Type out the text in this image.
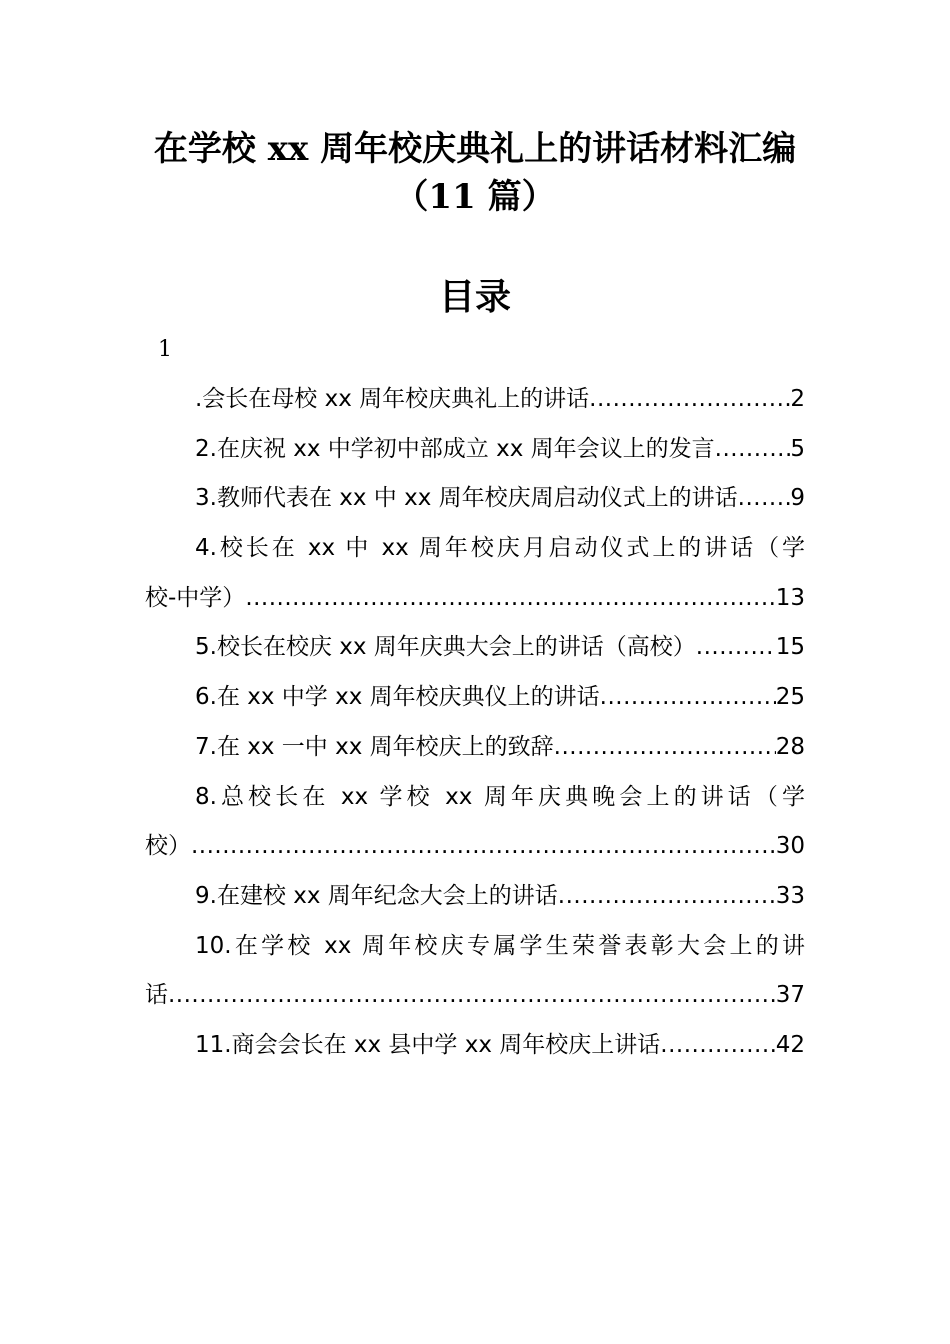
在学校 xx 周年校庆典礼上的讲话材料汇编
（11 篇）
目录
1
.会长在母校 xx 周年校庆典礼上的讲话 .....	2
2.在庆祝 xx 中学初中部成立 xx 周年会议上的发言 .....	5
3.教师代表在 xx 中 xx 周年校庆周启动仪式上的讲话 ..... 9
4.校长在 xx 中 xx 周年校庆月启动仪式上的讲话（学
校-中学） .....	13
5.校长在校庆 xx 周年庆典大会上的讲话（高校） .....	15
6.在 xx 中学 xx 周年校庆典仪上的讲话 .....	25
7.在 xx 一中 xx 周年校庆上的致辞 .....	28
8.总校长在 xx 学校 xx 周年庆典晚会上的讲话（学
校） .....	30
9.在建校 xx 周年纪念大会上的讲话 .....	33
10.在学校 xx 周年校庆专属学生荣誉表彰大会上的讲
话 .....	37
11.商会会长在 xx 县中学 xx 周年校庆上讲话 .....	42
